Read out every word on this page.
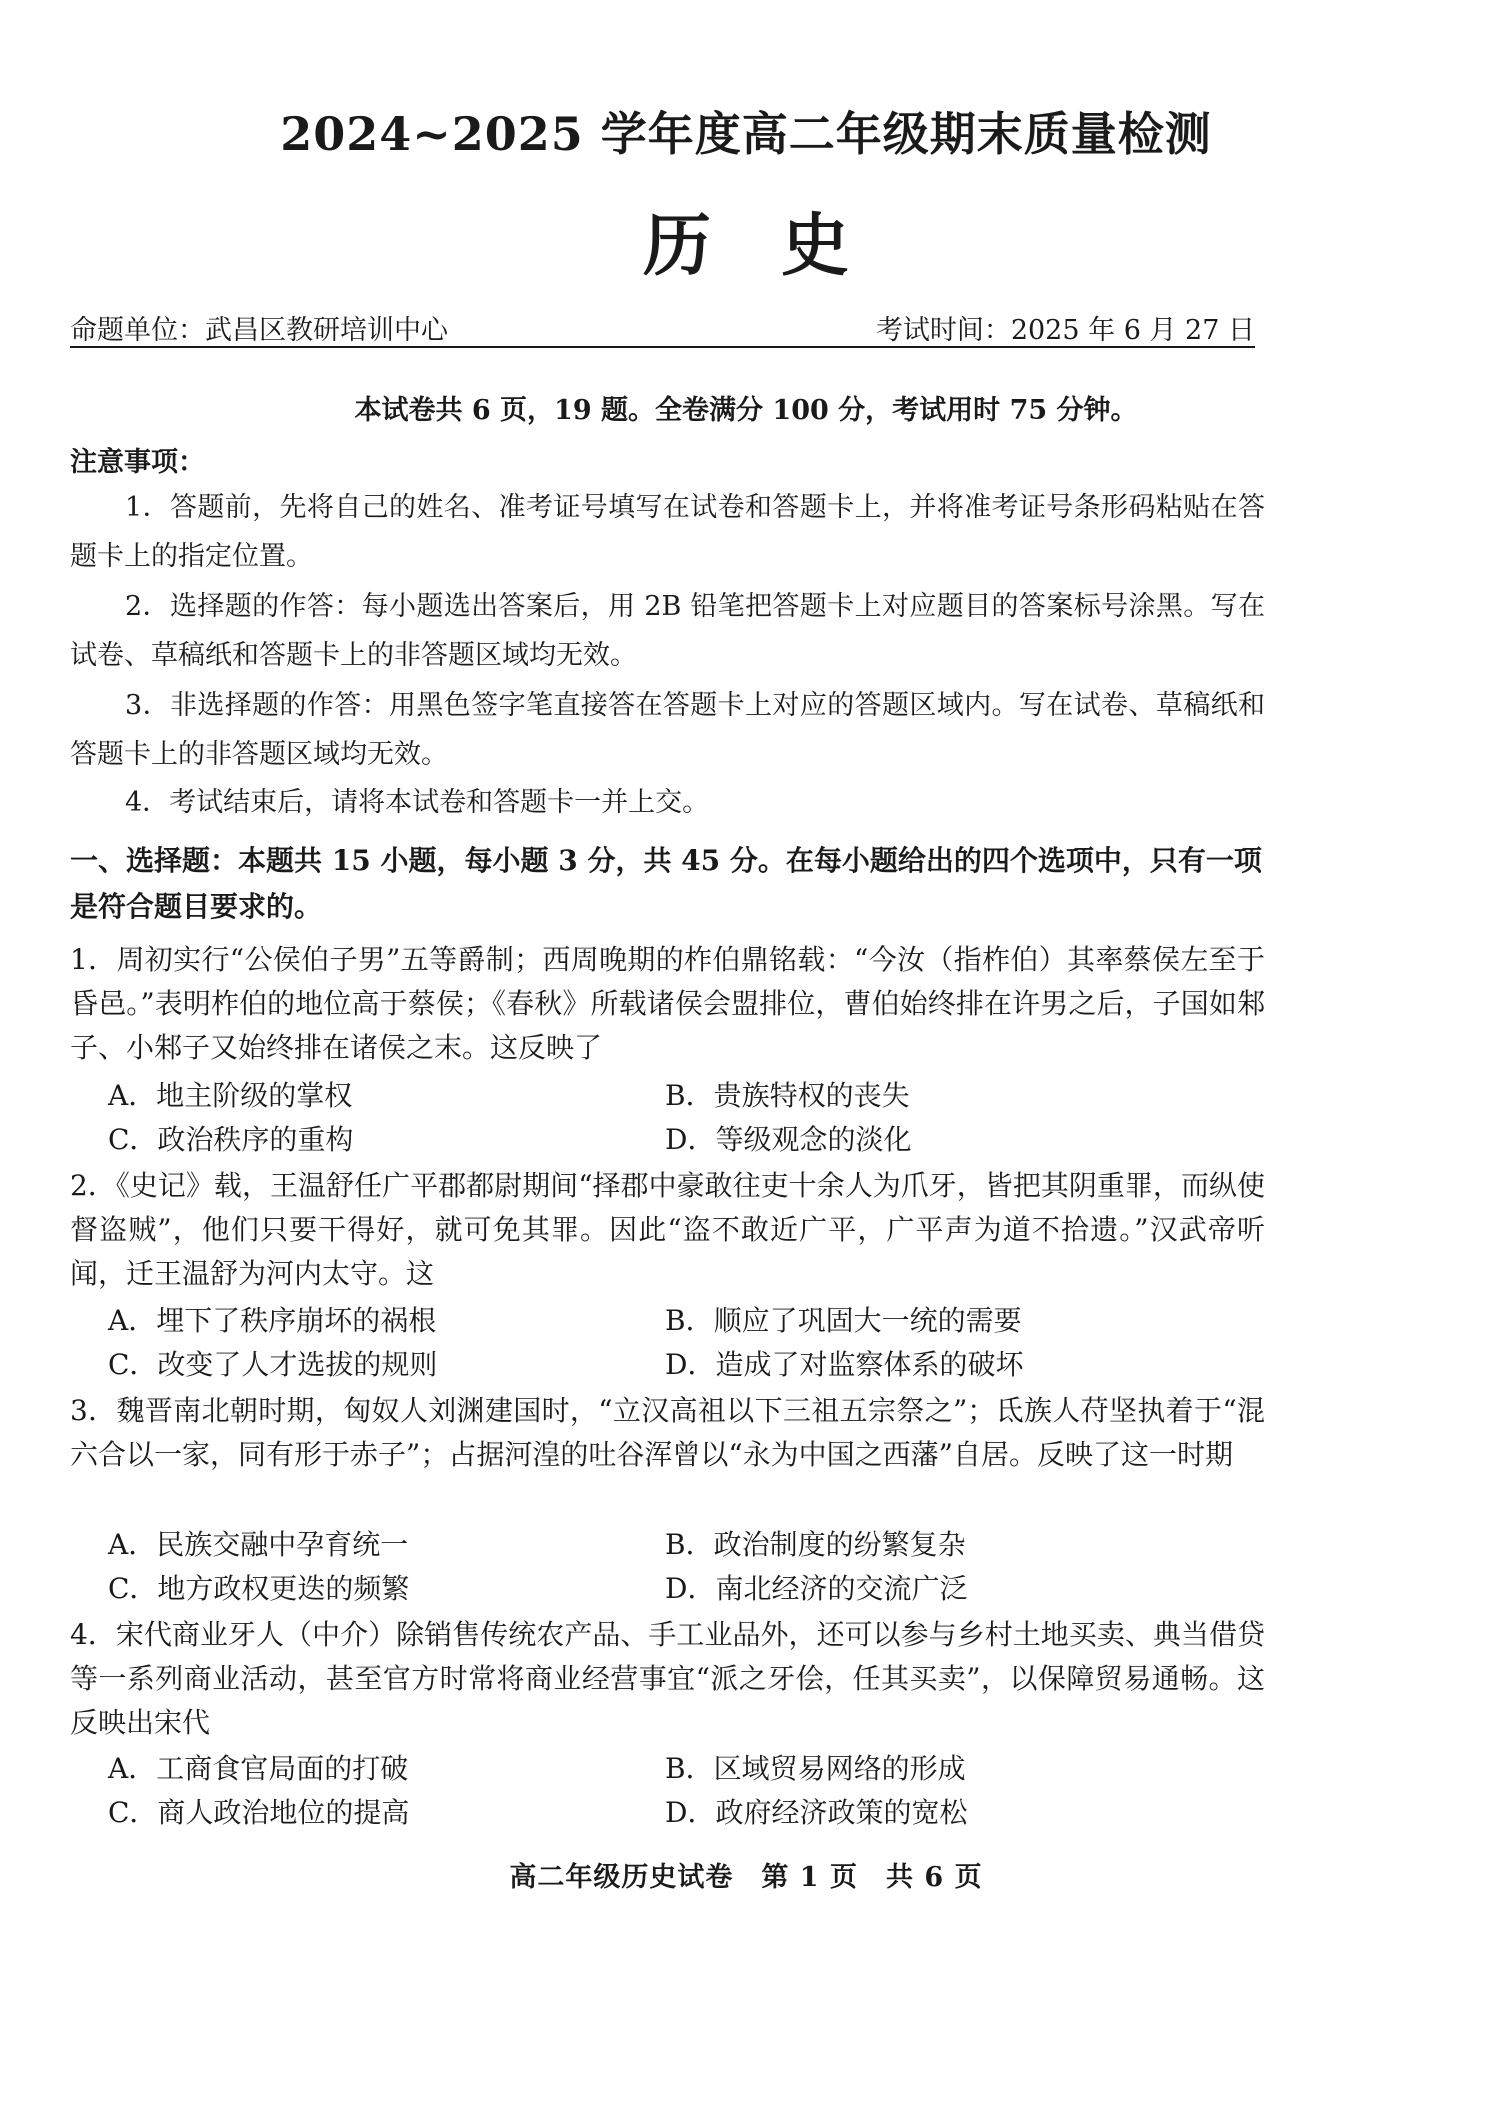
2024~2025 学年度高二年级期末质量检测
历史
命题单位：武昌区教研培训中心	考试时间：2025 年 6 月 27 日
本试卷共 6 页，19 题。全卷满分 100 分，考试用时 75 分钟。
注意事项：
1．答题前，先将自己的姓名、准考证号填写在试卷和答题卡上，并将准考证号条形码粘贴在答题卡上的指定位置。
2．选择题的作答：每小题选出答案后，用 2B 铅笔把答题卡上对应题目的答案标号涂黑。写在试卷、草稿纸和答题卡上的非答题区域均无效。
3．非选择题的作答：用黑色签字笔直接答在答题卡上对应的答题区域内。写在试卷、草稿纸和答题卡上的非答题区域均无效。
4．考试结束后，请将本试卷和答题卡一并上交。
一、选择题：本题共 15 小题，每小题 3 分，共 45 分。在每小题给出的四个选项中，只有一项是符合题目要求的。
1．周初实行“公侯伯子男”五等爵制；西周晚期的柞伯鼎铭载：“今汝（指柞伯）其率蔡侯左至于昏邑。”表明柞伯的地位高于蔡侯；《春秋》所载诸侯会盟排位，曹伯始终排在许男之后，子国如邾子、小邾子又始终排在诸侯之末。这反映了
A．地主阶级的掌权	B．贵族特权的丧失
C．政治秩序的重构	D．等级观念的淡化
2．《史记》载，王温舒任广平郡都尉期间“择郡中豪敢往吏十余人为爪牙，皆把其阴重罪，而纵使督盗贼”，他们只要干得好，就可免其罪。因此“盗不敢近广平，广平声为道不拾遗。”汉武帝听闻，迁王温舒为河内太守。这
A．埋下了秩序崩坏的祸根	B．顺应了巩固大一统的需要
C．改变了人才选拔的规则	D．造成了对监察体系的破坏
3．魏晋南北朝时期，匈奴人刘渊建国时，“立汉高祖以下三祖五宗祭之”；氐族人苻坚执着于“混六合以一家，同有形于赤子”；占据河湟的吐谷浑曾以“永为中国之西藩”自居。反映了这一时期
A．民族交融中孕育统一	B．政治制度的纷繁复杂
C．地方政权更迭的频繁	D．南北经济的交流广泛
4．宋代商业牙人（中介）除销售传统农产品、手工业品外，还可以参与乡村土地买卖、典当借贷等一系列商业活动，甚至官方时常将商业经营事宜“派之牙侩，任其买卖”，以保障贸易通畅。这反映出宋代
A．工商食官局面的打破	B．区域贸易网络的形成
C．商人政治地位的提高	D．政府经济政策的宽松
高二年级历史试卷　第 1 页　共 6 页
